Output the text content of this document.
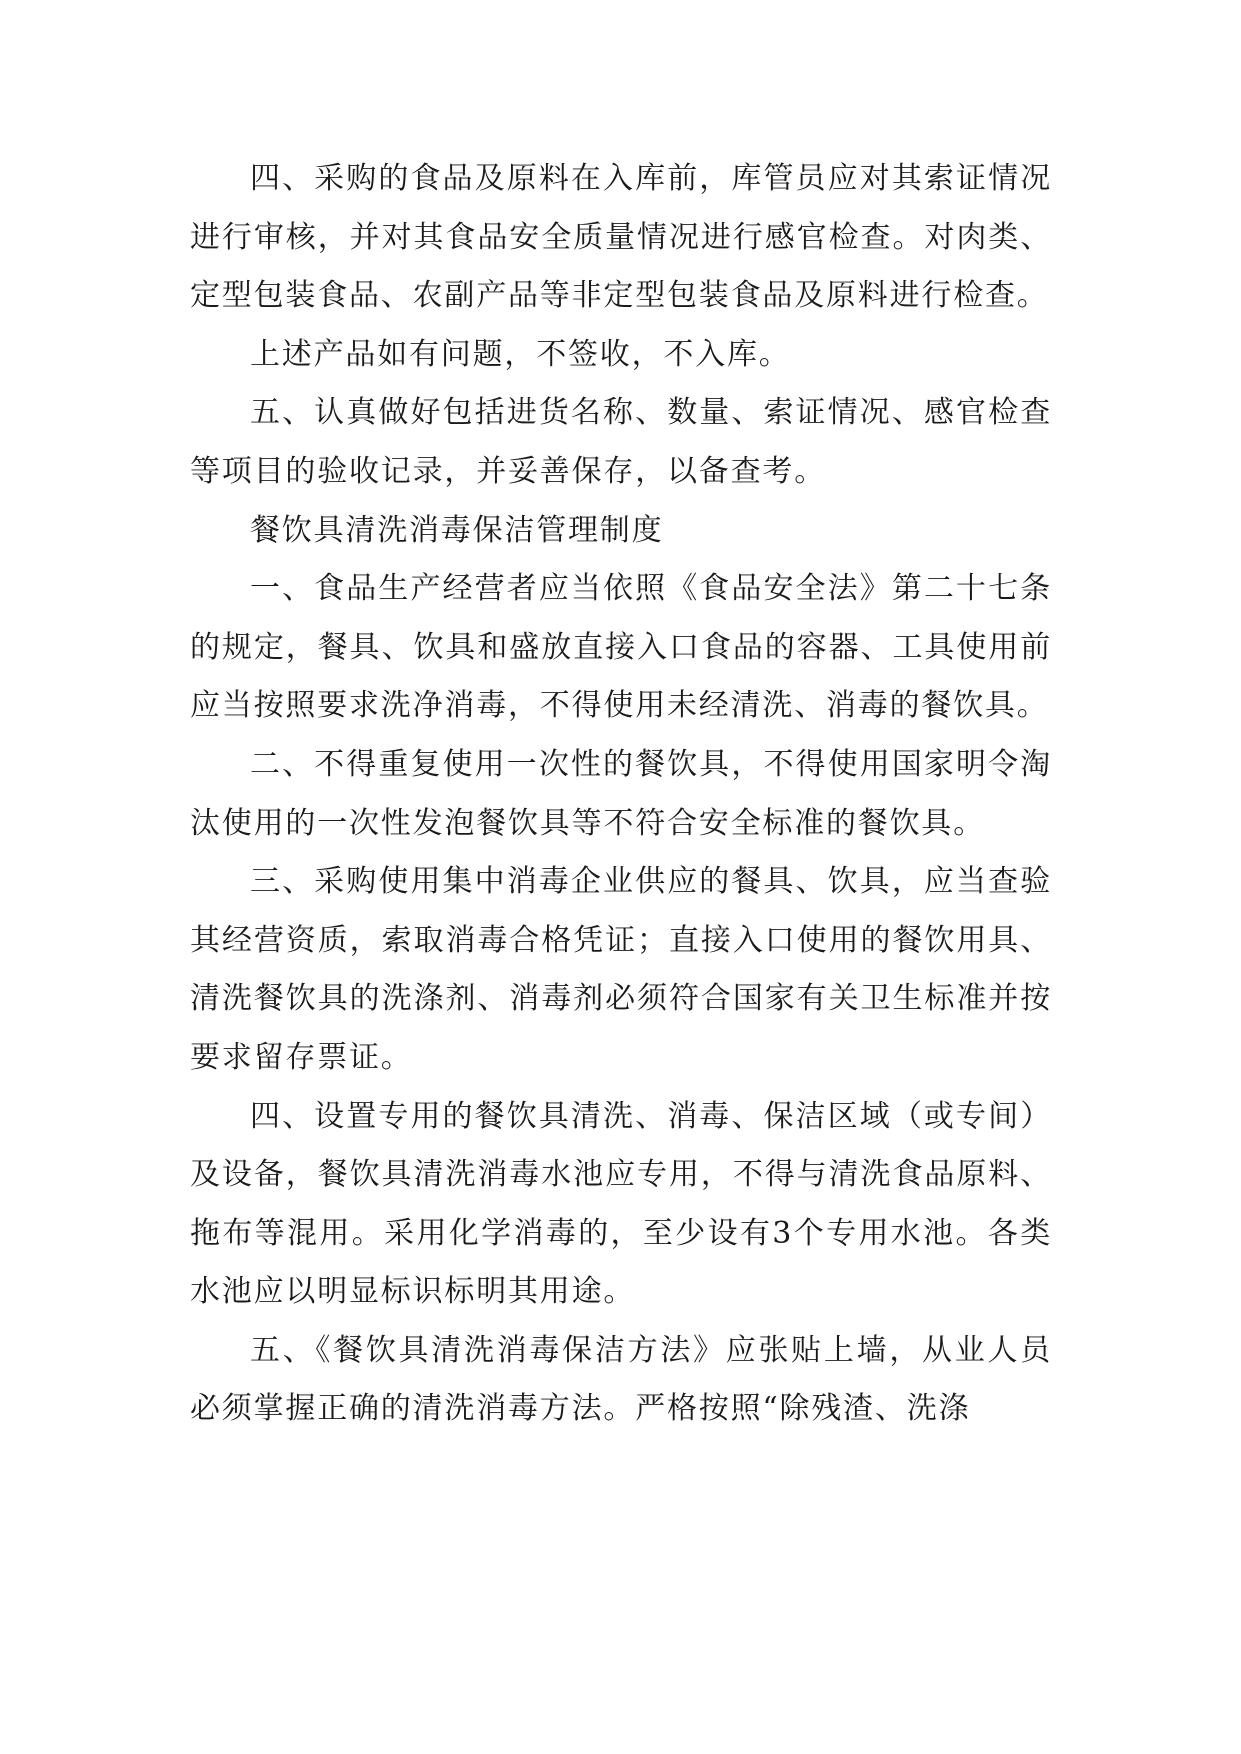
四、采购的食品及原料在入库前，库管员应对其索证情况进行审核，并对其食品安全质量情况进行感官检查。对肉类、定型包装食品、农副产品等非定型包装食品及原料进行检查。

上述产品如有问题，不签收，不入库。

五、认真做好包括进货名称、数量、索证情况、感官检查等项目的验收记录，并妥善保存，以备查考。

餐饮具清洗消毒保洁管理制度

一、食品生产经营者应当依照《食品安全法》第二十七条的规定，餐具、饮具和盛放直接入口食品的容器、工具使用前应当按照要求洗净消毒，不得使用未经清洗、消毒的餐饮具。

二、不得重复使用一次性的餐饮具，不得使用国家明令淘汰使用的一次性发泡餐饮具等不符合安全标准的餐饮具。

三、采购使用集中消毒企业供应的餐具、饮具，应当查验其经营资质，索取消毒合格凭证；直接入口使用的餐饮用具、清洗餐饮具的洗涤剂、消毒剂必须符合国家有关卫生标准并按要求留存票证。

四、设置专用的餐饮具清洗、消毒、保洁区域（或专间）及设备，餐饮具清洗消毒水池应专用，不得与清洗食品原料、拖布等混用。采用化学消毒的，至少设有3个专用水池。各类水池应以明显标识标明其用途。

五、《餐饮具清洗消毒保洁方法》应张贴上墙，从业人员必须掌握正确的清洗消毒方法。严格按照“除残渣、洗涤
